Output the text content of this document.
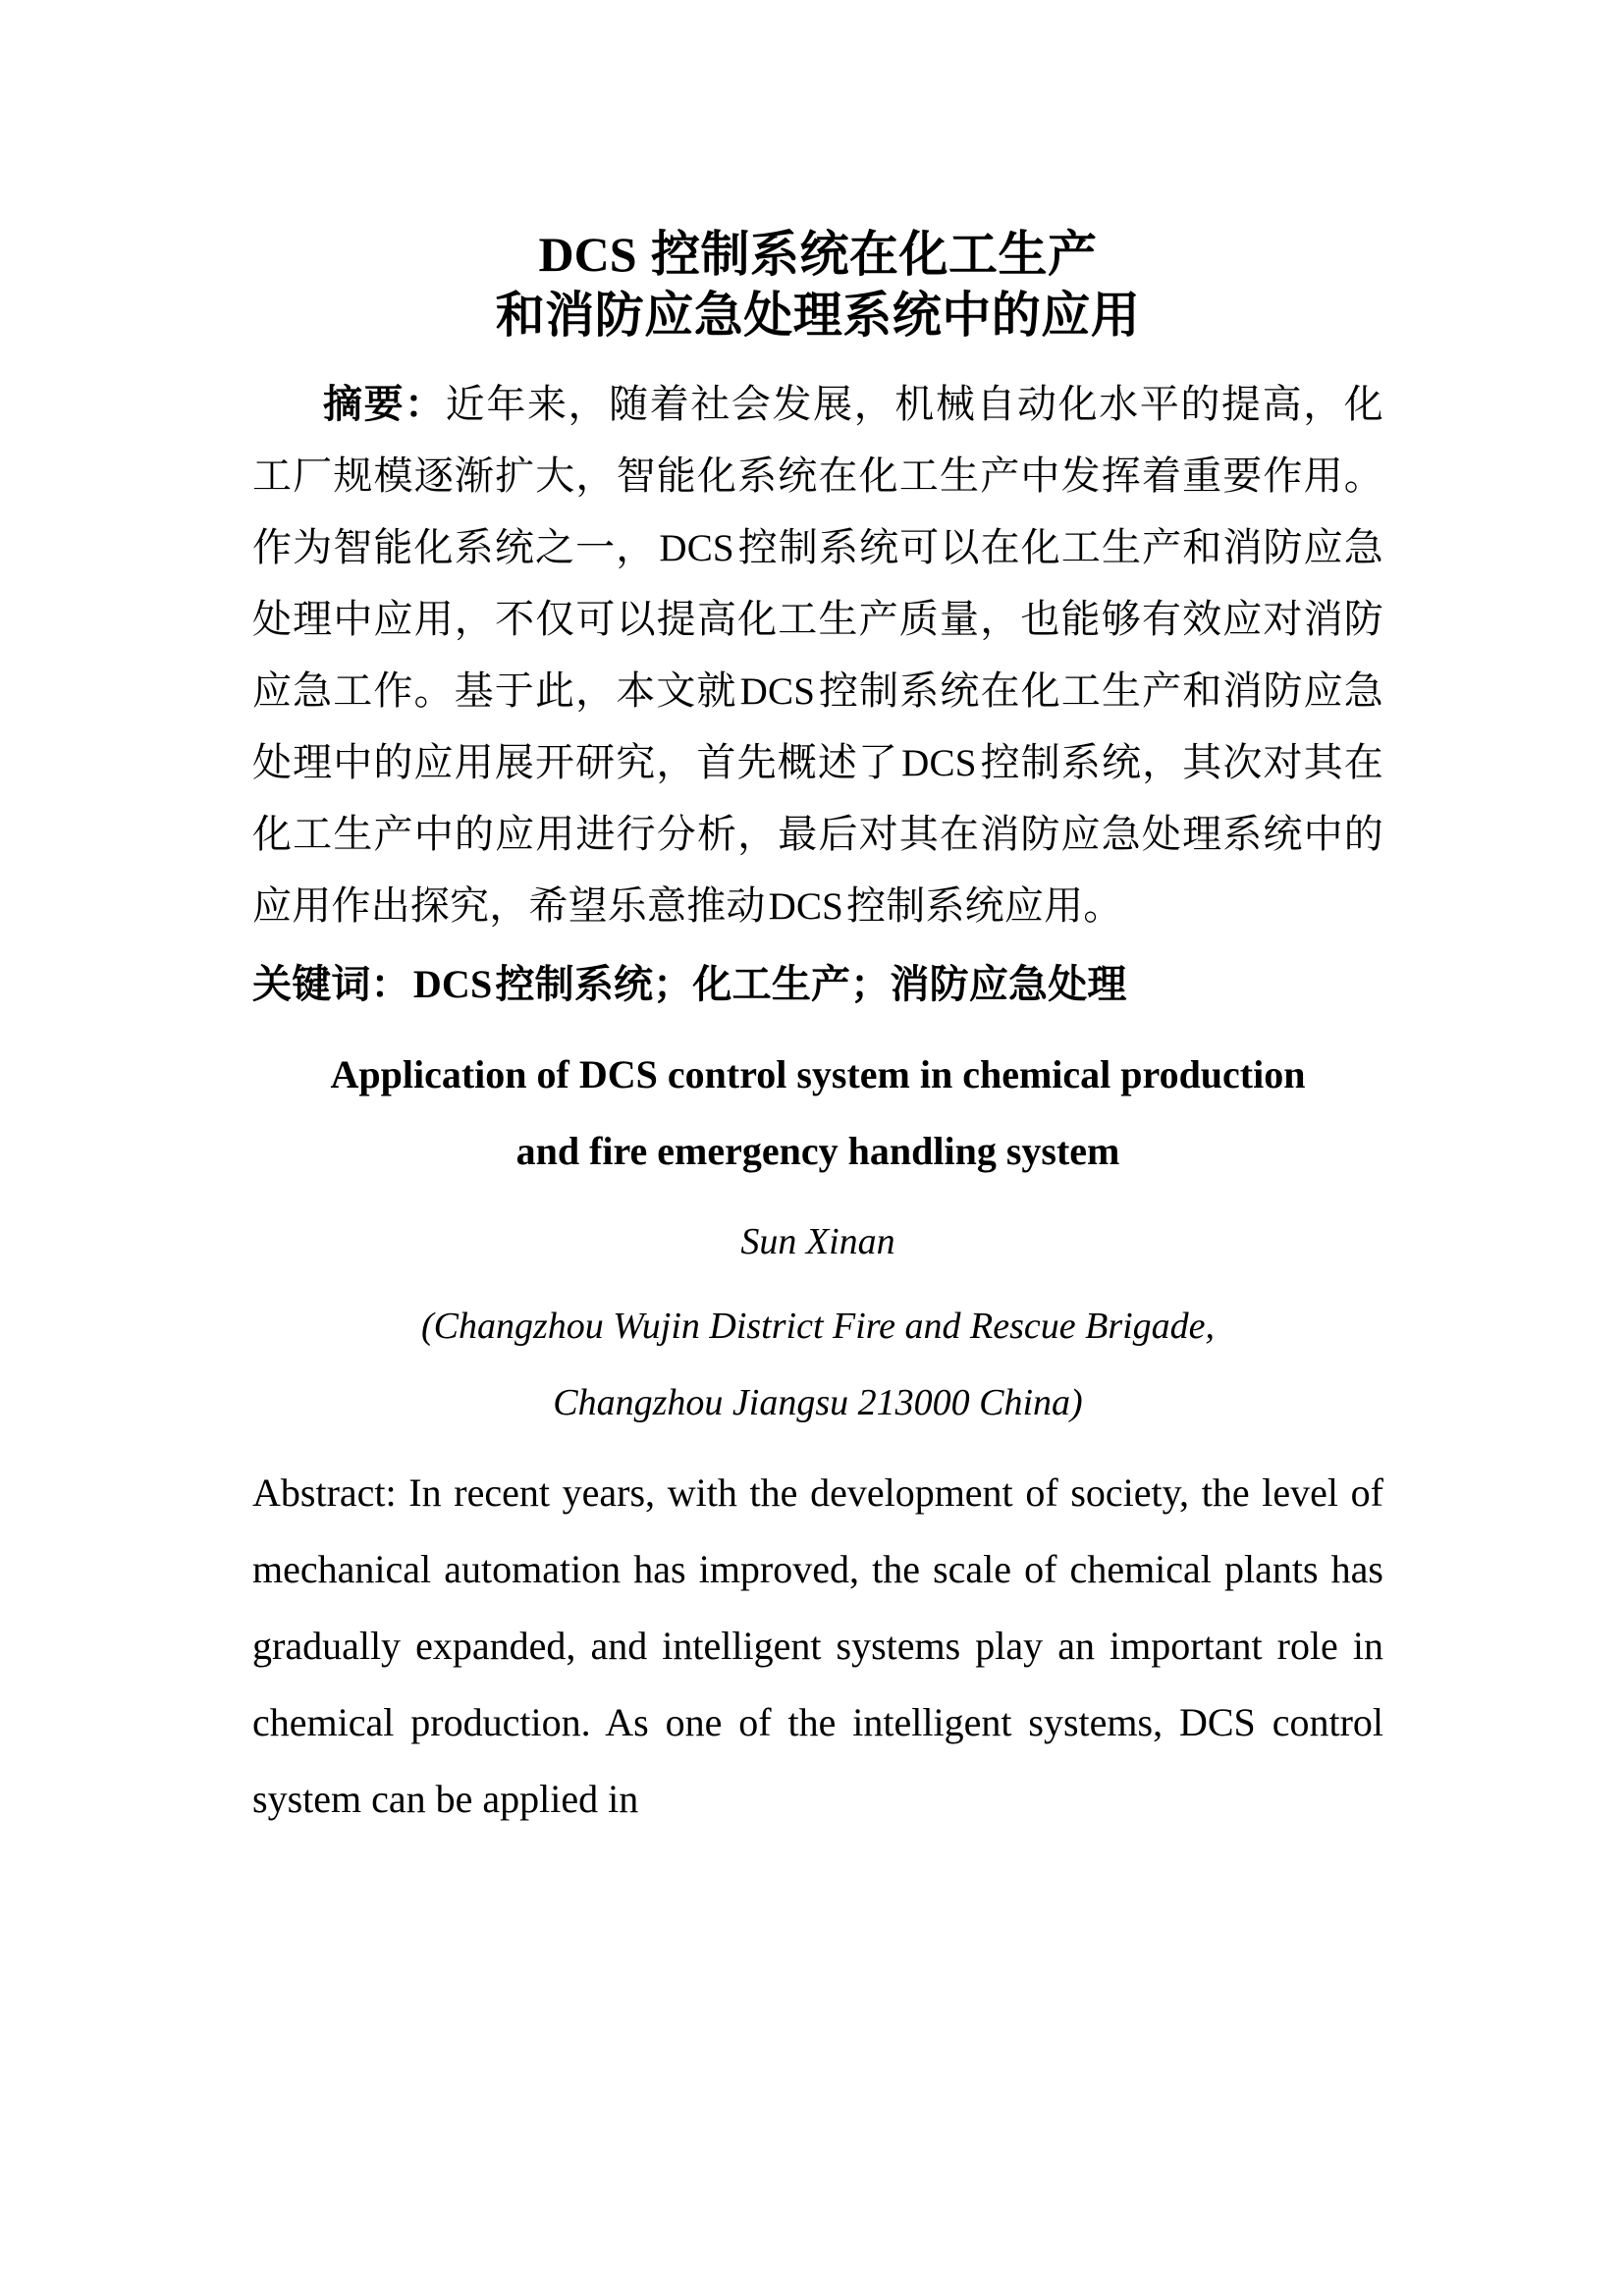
DCS 控制系统在化工生产
和消防应急处理系统中的应用

摘要：近年来，随着社会发展，机械自动化水平的提高，化工厂规模逐渐扩大，智能化系统在化工生产中发挥着重要作用。作为智能化系统之一，DCS控制系统可以在化工生产和消防应急处理中应用，不仅可以提高化工生产质量，也能够有效应对消防应急工作。基于此，本文就DCS控制系统在化工生产和消防应急处理中的应用展开研究，首先概述了DCS控制系统，其次对其在化工生产中的应用进行分析，最后对其在消防应急处理系统中的应用作出探究，希望乐意推动DCS控制系统应用。

关键词：DCS控制系统；化工生产；消防应急处理

Application of DCS control system in chemical production
and fire emergency handling system

Sun Xinan

(Changzhou Wujin District Fire and Rescue Brigade,
Changzhou Jiangsu 213000 China)

Abstract: In recent years, with the development of society, the level of mechanical automation has improved, the scale of chemical plants has gradually expanded, and intelligent systems play an important role in chemical production. As one of the intelligent systems, DCS control system can be applied in
